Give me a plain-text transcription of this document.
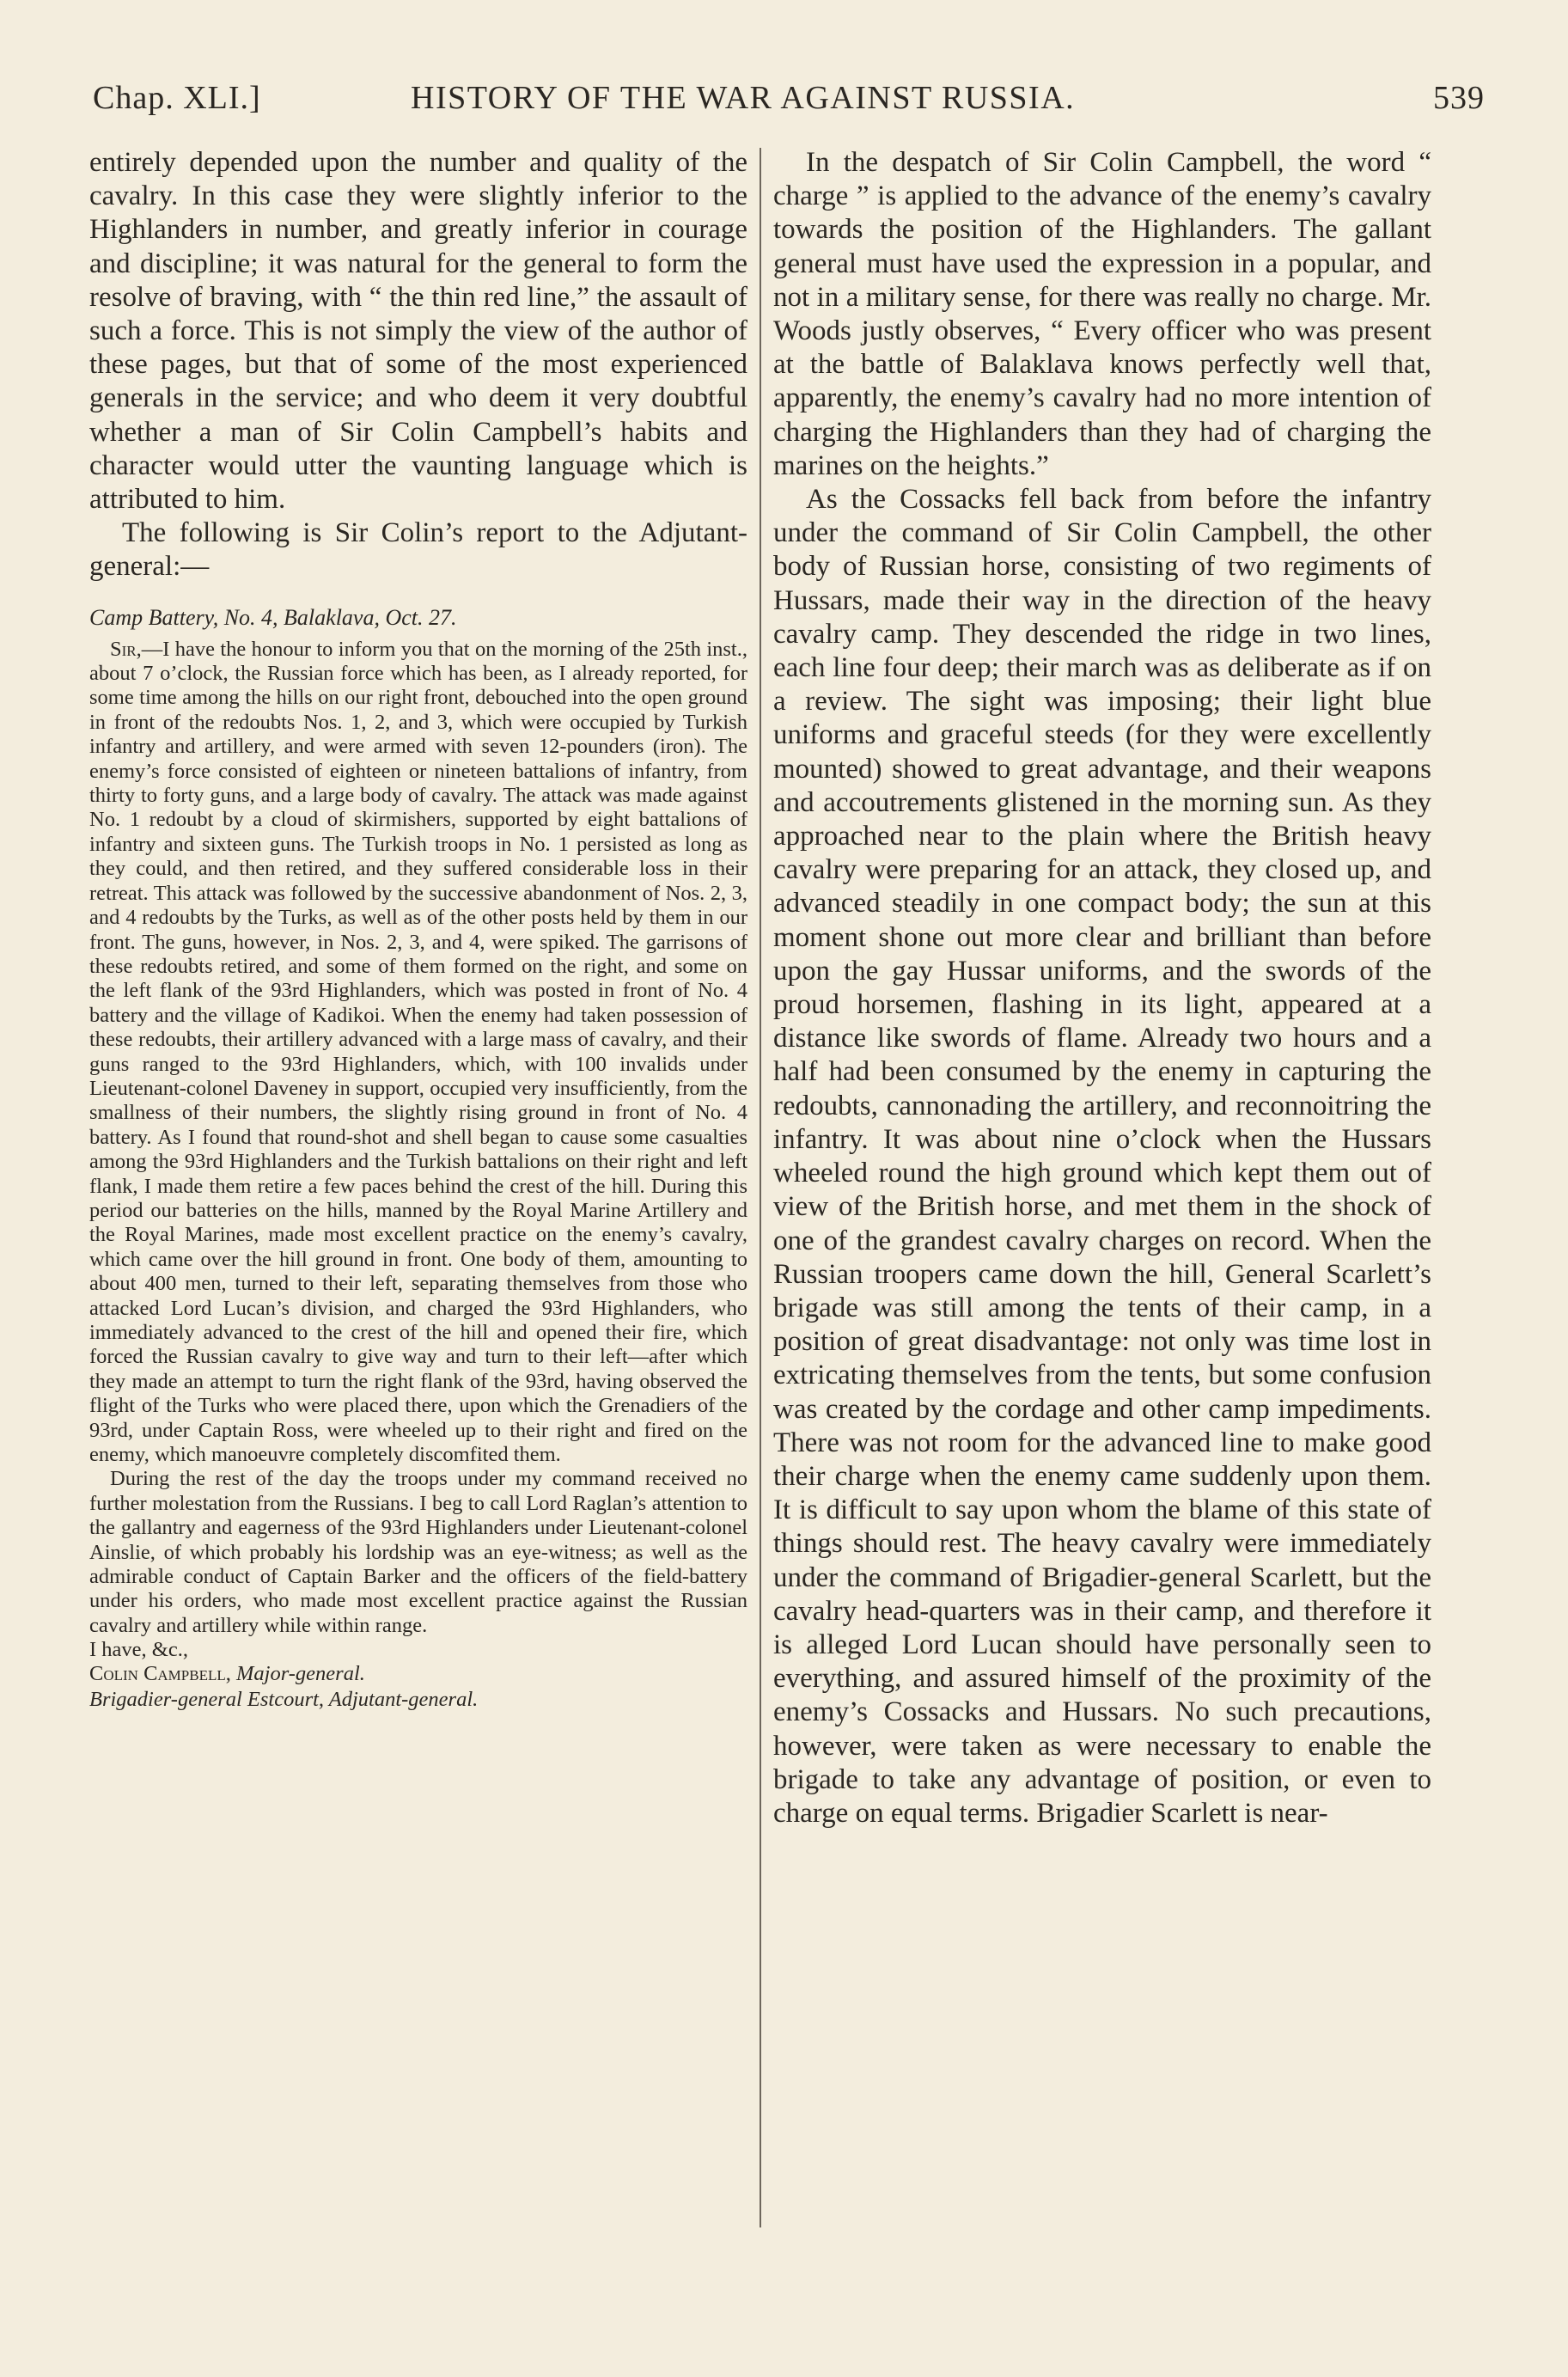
Chap. XLI.]	HISTORY OF THE WAR AGAINST RUSSIA.	539

entirely depended upon the number and quality of the cavalry. In this case they were slightly inferior to the Highlanders in number, and greatly inferior in courage and discipline; it was natural for the general to form the resolve of braving, with “ the thin red line,” the assault of such a force. This is not simply the view of the author of these pages, but that of some of the most experienced generals in the service; and who deem it very doubtful whether a man of Sir Colin Campbell’s habits and character would utter the vaunting language which is attributed to him.

The following is Sir Colin’s report to the Adjutant-general:—

Camp Battery, No. 4, Balaklava, Oct. 27.

Sir,—I have the honour to inform you that on the morning of the 25th inst., about 7 o’clock, the Russian force which has been, as I already reported, for some time among the hills on our right front, debouched into the open ground in front of the redoubts Nos. 1, 2, and 3, which were occupied by Turkish infantry and artillery, and were armed with seven 12-pounders (iron). The enemy’s force consisted of eighteen or nineteen battalions of infantry, from thirty to forty guns, and a large body of cavalry. The attack was made against No. 1 redoubt by a cloud of skirmishers, supported by eight battalions of infantry and sixteen guns. The Turkish troops in No. 1 persisted as long as they could, and then retired, and they suffered considerable loss in their retreat. This attack was followed by the successive abandonment of Nos. 2, 3, and 4 redoubts by the Turks, as well as of the other posts held by them in our front. The guns, however, in Nos. 2, 3, and 4, were spiked. The garrisons of these redoubts retired, and some of them formed on the right, and some on the left flank of the 93rd Highlanders, which was posted in front of No. 4 battery and the village of Kadikoi. When the enemy had taken possession of these redoubts, their artillery advanced with a large mass of cavalry, and their guns ranged to the 93rd Highlanders, which, with 100 invalids under Lieutenant-colonel Daveney in support, occupied very insufficiently, from the smallness of their numbers, the slightly rising ground in front of No. 4 battery. As I found that round-shot and shell began to cause some casualties among the 93rd Highlanders and the Turkish battalions on their right and left flank, I made them retire a few paces behind the crest of the hill. During this period our batteries on the hills, manned by the Royal Marine Artillery and the Royal Marines, made most excellent practice on the enemy’s cavalry, which came over the hill ground in front. One body of them, amounting to about 400 men, turned to their left, separating themselves from those who attacked Lord Lucan’s division, and charged the 93rd Highlanders, who immediately advanced to the crest of the hill and opened their fire, which forced the Russian cavalry to give way and turn to their left—after which they made an attempt to turn the right flank of the 93rd, having observed the flight of the Turks who were placed there, upon which the Grenadiers of the 93rd, under Captain Ross, were wheeled up to their right and fired on the enemy, which manoeuvre completely discomfited them.

During the rest of the day the troops under my command received no further molestation from the Russians. I beg to call Lord Raglan’s attention to the gallantry and eagerness of the 93rd Highlanders under Lieutenant-colonel Ainslie, of which probably his lordship was an eye-witness; as well as the admirable conduct of Captain Barker and the officers of the field-battery under his orders, who made most excellent practice against the Russian cavalry and artillery while within range.

I have, &c.,

Colin Campbell, Major-general.

Brigadier-general Estcourt, Adjutant-general.

In the despatch of Sir Colin Campbell, the word “ charge ” is applied to the advance of the enemy’s cavalry towards the position of the Highlanders. The gallant general must have used the expression in a popular, and not in a military sense, for there was really no charge. Mr. Woods justly observes, “ Every officer who was present at the battle of Balaklava knows perfectly well that, apparently, the enemy’s cavalry had no more intention of charging the Highlanders than they had of charging the marines on the heights.”

As the Cossacks fell back from before the infantry under the command of Sir Colin Campbell, the other body of Russian horse, consisting of two regiments of Hussars, made their way in the direction of the heavy cavalry camp. They descended the ridge in two lines, each line four deep; their march was as deliberate as if on a review. The sight was imposing; their light blue uniforms and graceful steeds (for they were excellently mounted) showed to great advantage, and their weapons and accoutrements glistened in the morning sun. As they approached near to the plain where the British heavy cavalry were preparing for an attack, they closed up, and advanced steadily in one compact body; the sun at this moment shone out more clear and brilliant than before upon the gay Hussar uniforms, and the swords of the proud horsemen, flashing in its light, appeared at a distance like swords of flame. Already two hours and a half had been consumed by the enemy in capturing the redoubts, cannonading the artillery, and reconnoitring the infantry. It was about nine o’clock when the Hussars wheeled round the high ground which kept them out of view of the British horse, and met them in the shock of one of the grandest cavalry charges on record. When the Russian troopers came down the hill, General Scarlett’s brigade was still among the tents of their camp, in a position of great disadvantage: not only was time lost in extricating themselves from the tents, but some confusion was created by the cordage and other camp impediments. There was not room for the advanced line to make good their charge when the enemy came suddenly upon them. It is difficult to say upon whom the blame of this state of things should rest. The heavy cavalry were immediately under the command of Brigadier-general Scarlett, but the cavalry head-quarters was in their camp, and therefore it is alleged Lord Lucan should have personally seen to everything, and assured himself of the proximity of the enemy’s Cossacks and Hussars. No such precautions, however, were taken as were necessary to enable the brigade to take any advantage of position, or even to charge on equal terms. Brigadier Scarlett is near-
